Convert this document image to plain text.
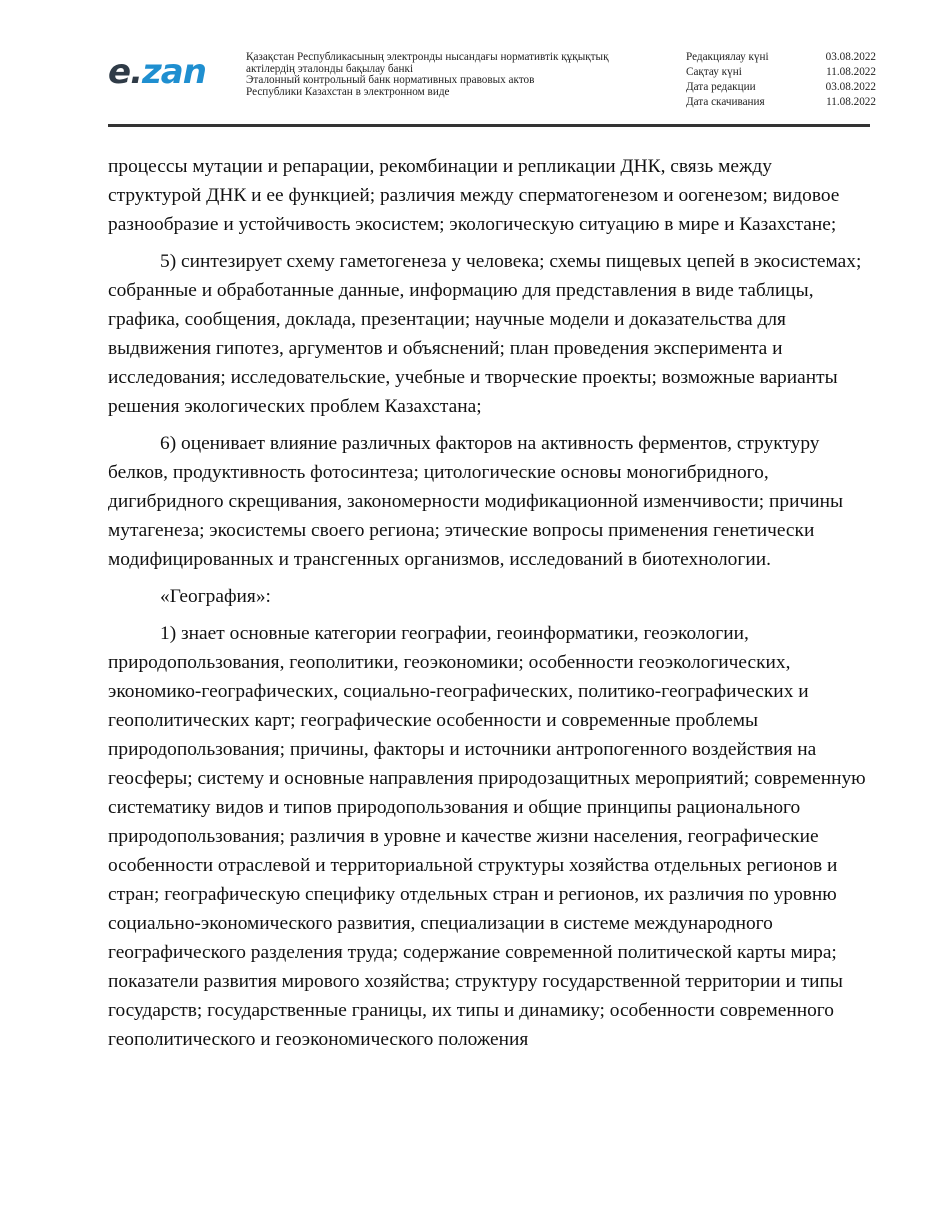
e.zan	Қазақстан Республикасының электронды нысандағы нормативтік құқықтық
актілердің эталонды бақылау банкі
Эталонный контрольный банк нормативных правовых актов
Республики Казахстан в электронном виде
Редакциялау күні	03.08.2022
Сақтау күні	11.08.2022
Дата редакции	03.08.2022
Дата скачивания	11.08.2022

процессы мутации и репарации, рекомбинации и репликации ДНК, связь между структурой ДНК и ее функцией; различия между сперматогенезом и оогенезом; видовое разнообразие и устойчивость экосистем; экологическую ситуацию в мире и Казахстане;

5) синтезирует схему гаметогенеза у человека; схемы пищевых цепей в экосистемах; собранные и обработанные данные, информацию для представления в виде таблицы, графика, сообщения, доклада, презентации; научные модели и доказательства для выдвижения гипотез, аргументов и объяснений; план проведения эксперимента и исследования; исследовательские, учебные и творческие проекты; возможные варианты решения экологических проблем Казахстана;

6) оценивает влияние различных факторов на активность ферментов, структуру белков, продуктивность фотосинтеза; цитологические основы моногибридного, дигибридного скрещивания, закономерности модификационной изменчивости; причины мутагенеза; экосистемы своего региона; этические вопросы применения генетически модифицированных и трансгенных организмов, исследований в биотехнологии.

«География»:

1) знает основные категории географии, геоинформатики, геоэкологии, природопользования, геополитики, геоэкономики; особенности геоэкологических, экономико-географических, социально-географических, политико-географических и геополитических карт; географические особенности и современные проблемы природопользования; причины, факторы и источники антропогенного воздействия на геосферы; систему и основные направления природозащитных мероприятий; современную систематику видов и типов природопользования и общие принципы рационального природопользования; различия в уровне и качестве жизни населения, географические особенности отраслевой и территориальной структуры хозяйства отдельных регионов и стран; географическую специфику отдельных стран и регионов, их различия по уровню социально-экономического развития, специализации в системе международного географического разделения труда; содержание современной политической карты мира; показатели развития мирового хозяйства; структуру государственной территории и типы государств; государственные границы, их типы и динамику; особенности современного геополитического и геоэкономического положения
